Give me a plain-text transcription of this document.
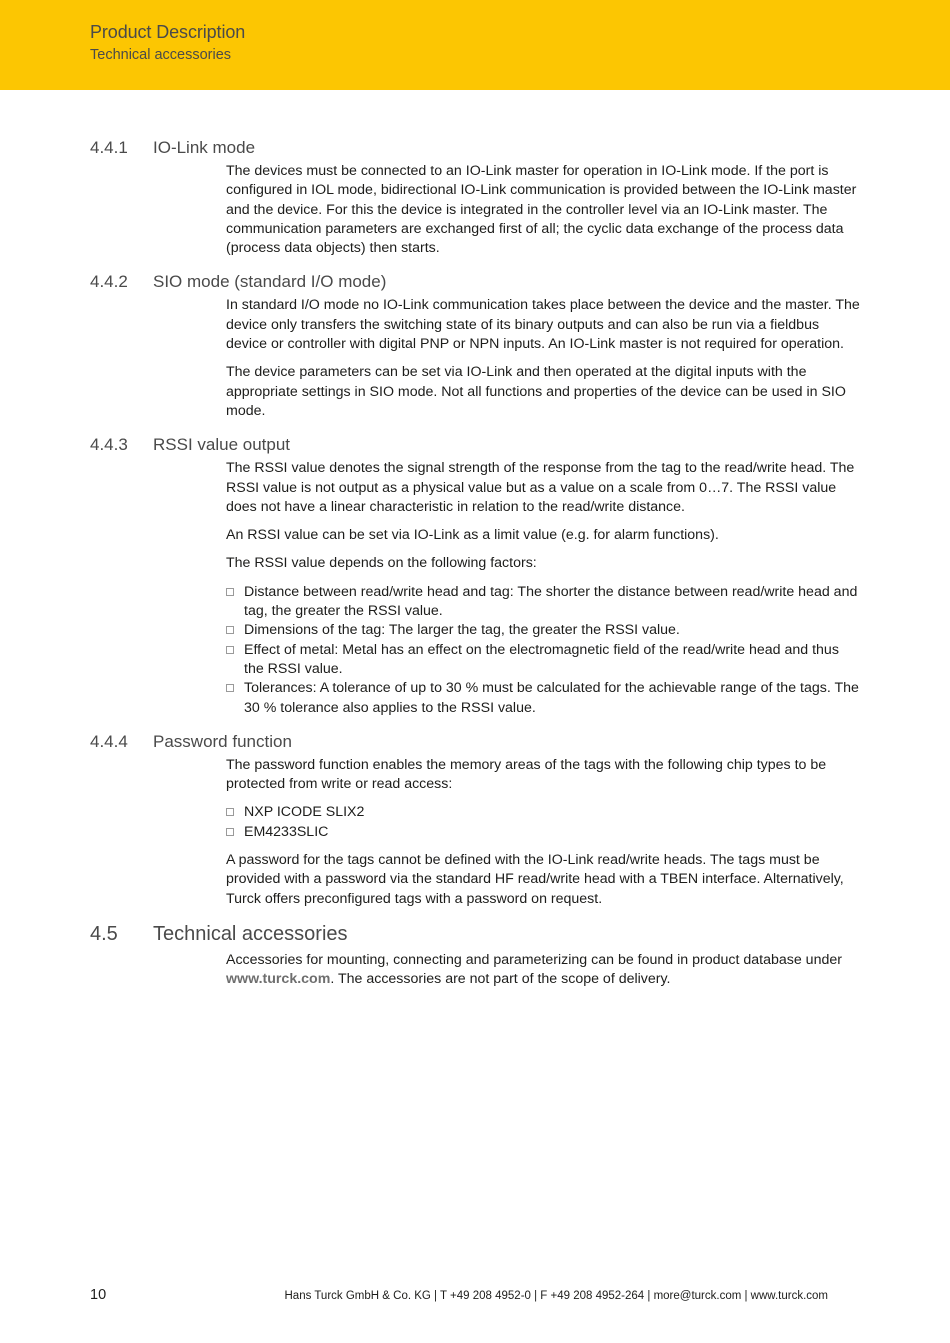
Product Description
Technical accessories
4.4.1 IO-Link mode

The devices must be connected to an IO-Link master for operation in IO-Link mode. If the port is configured in IOL mode, bidirectional IO-Link communication is provided between the IO-Link master and the device. For this the device is integrated in the controller level via an IO-Link master. The communication parameters are exchanged first of all; the cyclic data exchange of the process data (process data objects) then starts.

4.4.2 SIO mode (standard I/O mode)

In standard I/O mode no IO-Link communication takes place between the device and the master. The device only transfers the switching state of its binary outputs and can also be run via a fieldbus device or controller with digital PNP or NPN inputs. An IO-Link master is not required for operation.

The device parameters can be set via IO-Link and then operated at the digital inputs with the appropriate settings in SIO mode. Not all functions and properties of the device can be used in SIO mode.

4.4.3 RSSI value output

The RSSI value denotes the signal strength of the response from the tag to the read/write head. The RSSI value is not output as a physical value but as a value on a scale from 0…7. The RSSI value does not have a linear characteristic in relation to the read/write distance.

An RSSI value can be set via IO-Link as a limit value (e.g. for alarm functions).

The RSSI value depends on the following factors:

Distance between read/write head and tag: The shorter the distance between read/write head and tag, the greater the RSSI value.
Dimensions of the tag: The larger the tag, the greater the RSSI value.
Effect of metal: Metal has an effect on the electromagnetic field of the read/write head and thus the RSSI value.
Tolerances: A tolerance of up to 30 % must be calculated for the achievable range of the tags. The 30 % tolerance also applies to the RSSI value.
4.4.4 Password function

The password function enables the memory areas of the tags with the following chip types to be protected from write or read access:

NXP ICODE SLIX2
EM4233SLIC

A password for the tags cannot be defined with the IO-Link read/write heads. The tags must be provided with a password via the standard HF read/write head with a TBEN interface. Alternatively, Turck offers preconfigured tags with a password on request.

4.5 Technical accessories

Accessories for mounting, connecting and parameterizing can be found in product database under www.turck.com. The accessories are not part of the scope of delivery.

10	Hans Turck GmbH & Co. KG | T +49 208 4952-0 | F +49 208 4952-264 | more@turck.com | www.turck.com
